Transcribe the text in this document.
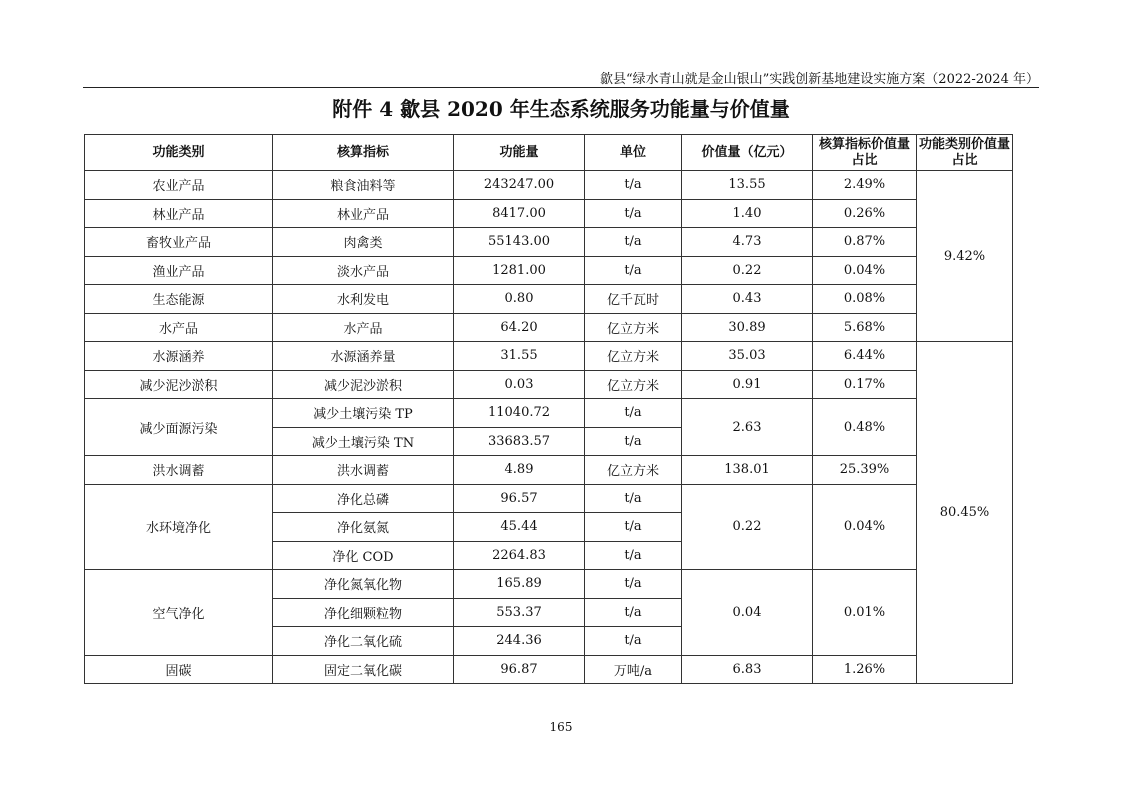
歙县“绿水青山就是金山银山”实践创新基地建设实施方案（2022-2024 年）
附件 4 歙县 2020 年生态系统服务功能量与价值量
功能类别	核算指标	功能量	单位	价值量（亿元）	核算指标价值量占比	功能类别价值量占比
农业产品	粮食油料等	243247.00	t/a	13.55	2.49%	9.42%
林业产品	林业产品	8417.00	t/a	1.40	0.26%	
畜牧业产品	肉禽类	55143.00	t/a	4.73	0.87%	
渔业产品	淡水产品	1281.00	t/a	0.22	0.04%	
生态能源	水利发电	0.80	亿千瓦时	0.43	0.08%	
水产品	水产品	64.20	亿立方米	30.89	5.68%	
水源涵养	水源涵养量	31.55	亿立方米	35.03	6.44%	80.45%
减少泥沙淤积	减少泥沙淤积	0.03	亿立方米	0.91	0.17%	
减少面源污染	减少土壤污染 TP	11040.72	t/a	2.63	0.48%	
	减少土壤污染 TN	33683.57	t/a			
洪水调蓄	洪水调蓄	4.89	亿立方米	138.01	25.39%	
水环境净化	净化总磷	96.57	t/a	0.22	0.04%	
	净化氨氮	45.44	t/a			
	净化 COD	2264.83	t/a			
空气净化	净化氮氧化物	165.89	t/a	0.04	0.01%	
	净化细颗粒物	553.37	t/a			
	净化二氧化硫	244.36	t/a			
固碳	固定二氧化碳	96.87	万吨/a	6.83	1.26%	
165
